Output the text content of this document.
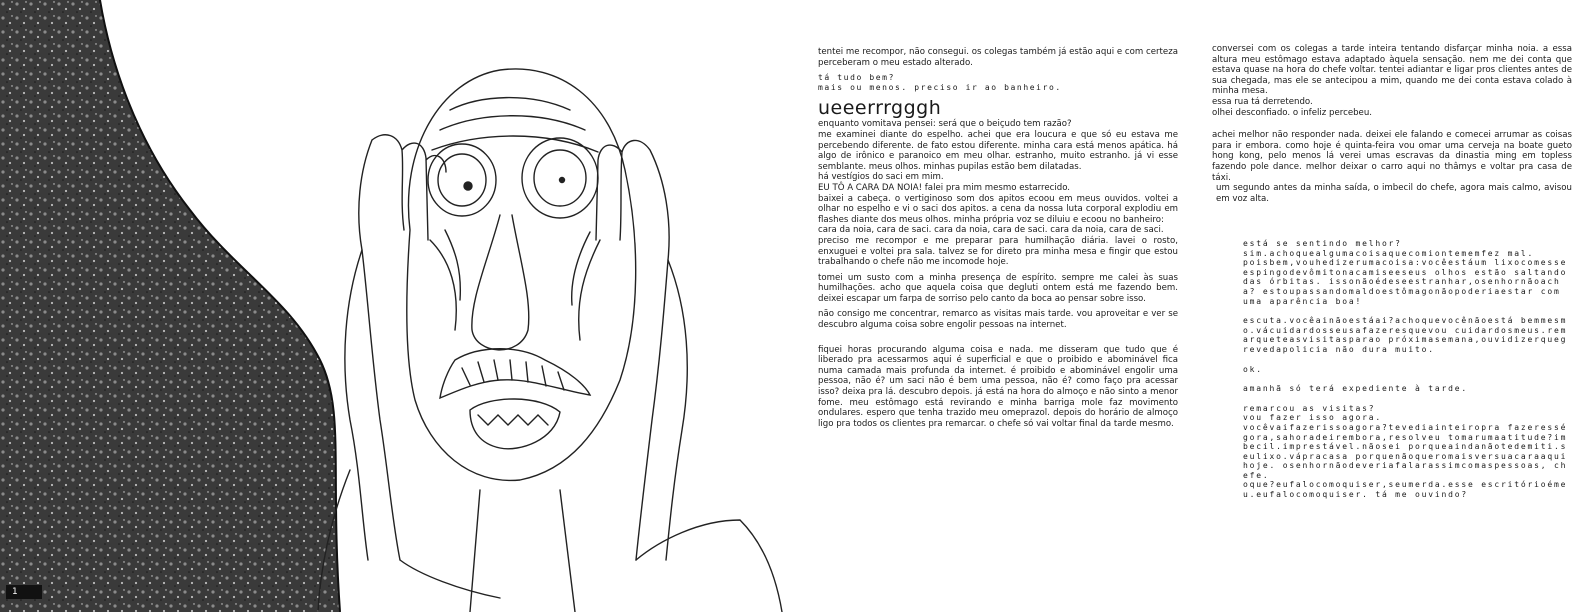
1

tentei me recompor, não consegui. os colegas também já estão aqui e com certeza perceberam o meu estado alterado.

tá tudo bem?

mais ou menos. preciso ir ao banheiro.

ueeerrrgggh

enquanto vomitava pensei: será que o beiçudo tem razão?

me examinei diante do espelho. achei que era loucura e que só eu estava me percebendo diferente. de fato estou diferente. minha cara está menos apática. há algo de irônico e paranoico em meu olhar. estranho, muito estranho. já vi esse semblante. meus olhos. minhas pupilas estão bem dilatadas.

há vestígios do saci em mim.

EU TÔ A CARA DA NOIA! falei pra mim mesmo estarrecido.

baixei a cabeça. o vertiginoso som dos apitos ecoou em meus ouvidos. voltei a olhar no espelho e vi o saci dos apitos. a cena da nossa luta corporal explodiu em flashes diante dos meus olhos. minha própria voz se diluiu e ecoou no banheiro:

cara da noia, cara de saci. cara da noia, cara de saci. cara da noia, cara de saci.

preciso me recompor e me preparar para humilhação diária. lavei o rosto, enxuguei e voltei pra sala. talvez se for direto pra minha mesa e fingir que estou trabalhando o chefe não me incomode hoje.

tomei um susto com a minha presença de espírito. sempre me calei às suas humilhações. acho que aquela coisa que degluti ontem está me fazendo bem. deixei escapar um farpa de sorriso pelo canto da boca ao pensar sobre isso.

não consigo me concentrar, remarco as visitas mais tarde. vou aproveitar e ver se descubro alguma coisa sobre engolir pessoas na internet.

fiquei horas procurando alguma coisa e nada. me disseram que tudo que é liberado pra acessarmos aqui é superficial e que o proibido e abominável fica numa camada mais profunda da internet. é proibido e abominável engolir uma pessoa, não é? um saci não é bem uma pessoa, não é? como faço pra acessar isso? deixa pra lá. descubro depois. já está na hora do almoço e não sinto a menor fome. meu estômago está revirando e minha barriga mole faz movimento ondulares. espero que tenha trazido meu omeprazol. depois do horário de almoço ligo pra todos os clientes pra remarcar. o chefe só vai voltar final da tarde mesmo.

conversei com os colegas a tarde inteira tentando disfarçar minha noia. a essa altura meu estômago estava adaptado àquela sensação. nem me dei conta que estava quase na hora do chefe voltar. tentei adiantar e ligar pros clientes antes de sua chegada, mas ele se antecipou a mim, quando me dei conta estava colado à minha mesa.

essa rua tá derretendo.

olhei desconfiado. o infeliz percebeu.

achei melhor não responder nada. deixei ele falando e comecei arrumar as coisas para ir embora. como hoje é quinta-feira vou omar uma cerveja na boate gueto hong kong, pelo menos lá verei umas escravas da dinastia ming em topless fazendo pole dance. melhor deixar o carro aqui no thâmys e voltar pra casa de táxi.

um segundo antes da minha saída, o imbecil do chefe, agora mais calmo, avisou em voz alta.

está se sentindo melhor?

sim.achoquealgumacoisaquecomiontememfez mal.

poisbem,vouhedizerumacoisa:vocêestáum lixocomesseespingodevômitonacamiseeseus olhos estão saltando das órbitas. issonãoédeseestranhar,osenhornãoacha? estoupassandomaldoestômagonãopoderiaestar com uma aparência boa!

escuta.vocêainãoestáai?achoquevocênãoestá bemmesmo.vácuidardosseusafazeresquevou cuidardosmeus.remarqueteasvisitasparao próximasemana,ouvidizerquegrevedapolicia não dura muito.

ok.

amanhã só terá expediente à tarde.

remarcou as visitas?

vou fazer isso agora.

vocêvaifazerissoagora?tevediainteiropra fazerességora,sahoradeirembora,resolveu tomarumaatitude?imbecil.imprestável.nãosei porqueaindanãotedemiti.seulixo.vápracasa porquenãoqueromaisversuacaraaquihoje. osenhornãodeveriafalarassimcomaspessoas, chefe.

oque?eufalocomoquiser,seumerda.esse escritórioémeu.eufalocomoquiser. tá me ouvindo?
